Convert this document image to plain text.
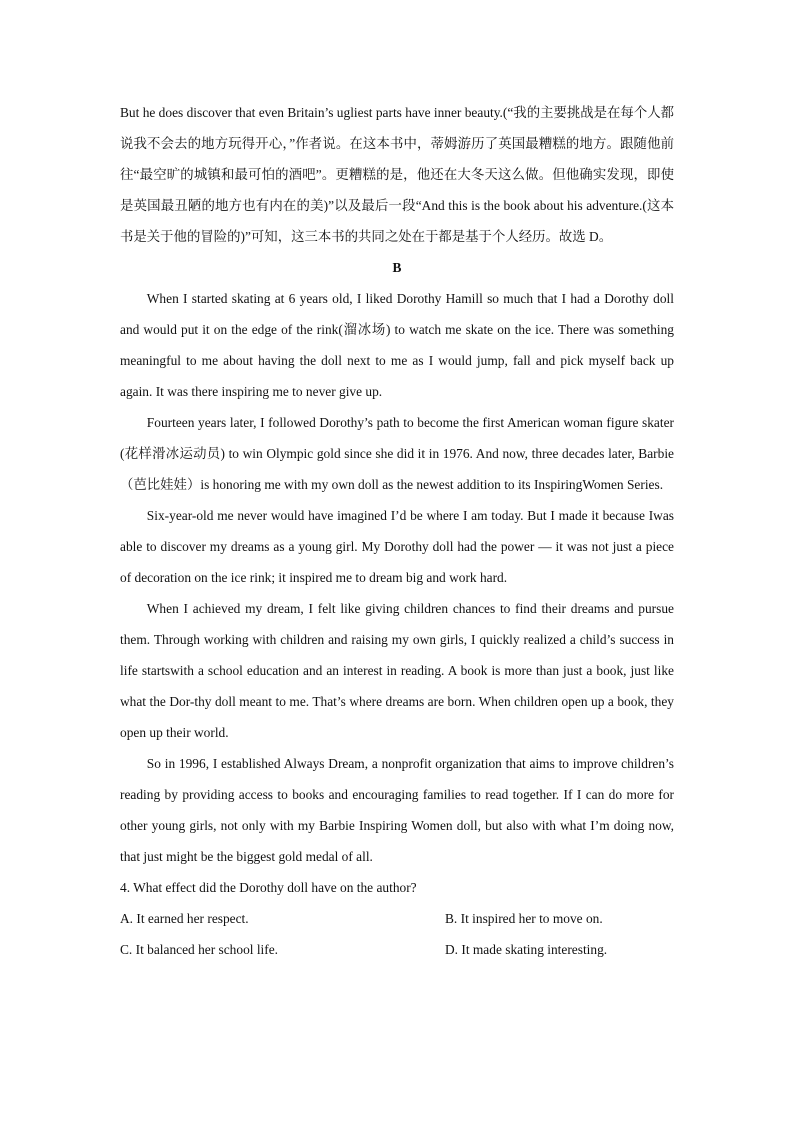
But he does discover that even Britain’s ugliest parts have inner beauty.(“我的主要挑战是在每个人都说我不会去的地方玩得开心，”作者说。在这本书中，蒂姆游历了英国最糟糕的地方。跟随他前往“最空旷的城镇和最可怕的酒吧”。更糟糕的是，他还在大冬天这么做。但他确实发现，即使是英国最丑陋的地方也有内在的美)”以及最后一段“And this is the book about his adventure.(这本书是关于他的冒险的)”可知，这三本书的共同之处在于都是基于个人经历。故选 D。

B

When I started skating at 6 years old, I liked Dorothy Hamill so much that I had a Dorothy doll and would put it on the edge of the rink(溜冰场) to watch me skate on the ice. There was something meaningful to me about having the doll next to me as I would jump, fall and pick myself back up again. It was there inspiring me to never give up.

Fourteen years later, I followed Dorothy’s path to become the first American woman figure skater (花样滑冰运动员) to win Olympic gold since she did it in 1976. And now, three decades later, Barbie（芭比娃娃）is honoring me with my own doll as the newest addition to its InspiringWomen Series.

Six-year-old me never would have imagined I’d be where I am today. But I made it because Iwas able to discover my dreams as a young girl. My Dorothy doll had the power — it was not just a piece of decoration on the ice rink; it inspired me to dream big and work hard.

When I achieved my dream, I felt like giving children chances to find their dreams and pursue them. Through working with children and raising my own girls, I quickly realized a child’s success in life startswith a school education and an interest in reading. A book is more than just a book, just like what the Dor-thy doll meant to me. That’s where dreams are born. When children open up a book, they open up their world.

So in 1996, I established Always Dream, a nonprofit organization that aims to improve children’s reading by providing access to books and encouraging families to read together. If I can do more for other young girls, not only with my Barbie Inspiring Women doll, but also with what I’m doing now, that just might be the biggest gold medal of all.

4. What effect did the Dorothy doll have on the author?

A. It earned her respect.	B. It inspired her to move on.
C. It balanced her school life.	D. It made skating interesting.
